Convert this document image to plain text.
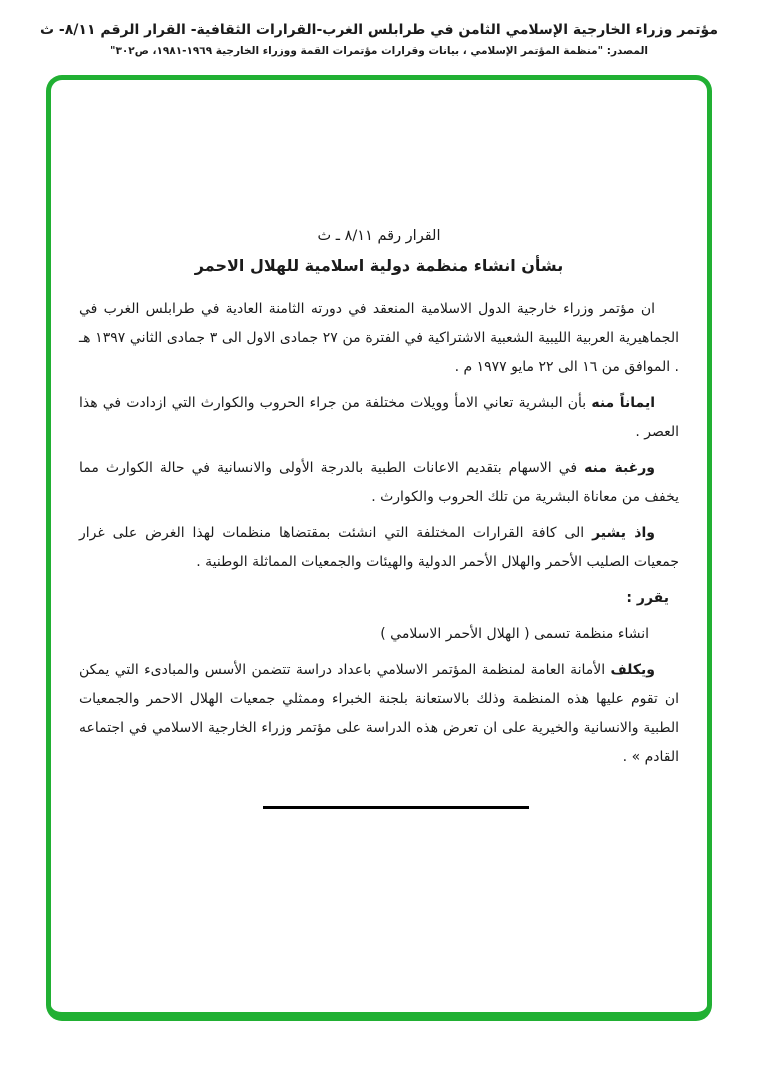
مؤتمر وزراء الخارجية الإسلامي الثامن في طرابلس الغرب-القرارات الثقافية- القرار الرقم ٨/١١- ث
المصدر: "منظمة المؤتمر الإسلامي ، بيانات وقرارات مؤتمرات القمة ووزراء الخارجية ١٩٦٩-١٩٨١، ص٣٠٢"
القرار رقم ٨/١١ ـ ث
بشأن انشاء منظمة دولية اسلامية للهلال الاحمر

ان مؤتمر وزراء خارجية الدول الاسلامية المنعقد في دورته الثامنة العادية في طرابلس الغرب في الجماهيرية العربية الليبية الشعبية الاشتراكية في الفترة من ٢٧ جمادى الاول الى ٣ جمادى الثاني ١٣٩٧ هـ . الموافق من ١٦ الى ٢٢ مايو ١٩٧٧ م .

ايماناً منه بأن البشرية تعاني الامأ وويلات مختلفة من جراء الحروب والكوارث التي ازدادت في هذا العصر .

ورغبة منه في الاسهام بتقديم الاعانات الطبية بالدرجة الأولى والانسانية في حالة الكوارث مما يخفف من معاناة البشرية من تلك الحروب والكوارث .

واذ يشير الى كافة القرارات المختلفة التي انشئت بمقتضاها منظمات لهذا الغرض على غرار جمعيات الصليب الأحمر والهلال الأحمر الدولية والهيئات والجمعيات المماثلة الوطنية .

يقرر :

انشاء منظمة تسمى ( الهلال الأحمر الاسلامي )

ويكلف الأمانة العامة لمنظمة المؤتمر الاسلامي باعداد دراسة تتضمن الأسس والمبادىء التي يمكن ان تقوم عليها هذه المنظمة وذلك بالاستعانة بلجنة الخبراء وممثلي جمعيات الهلال الاحمر والجمعيات الطبية والانسانية والخيرية على ان تعرض هذه الدراسة على مؤتمر وزراء الخارجية الاسلامي في اجتماعه القادم » .
